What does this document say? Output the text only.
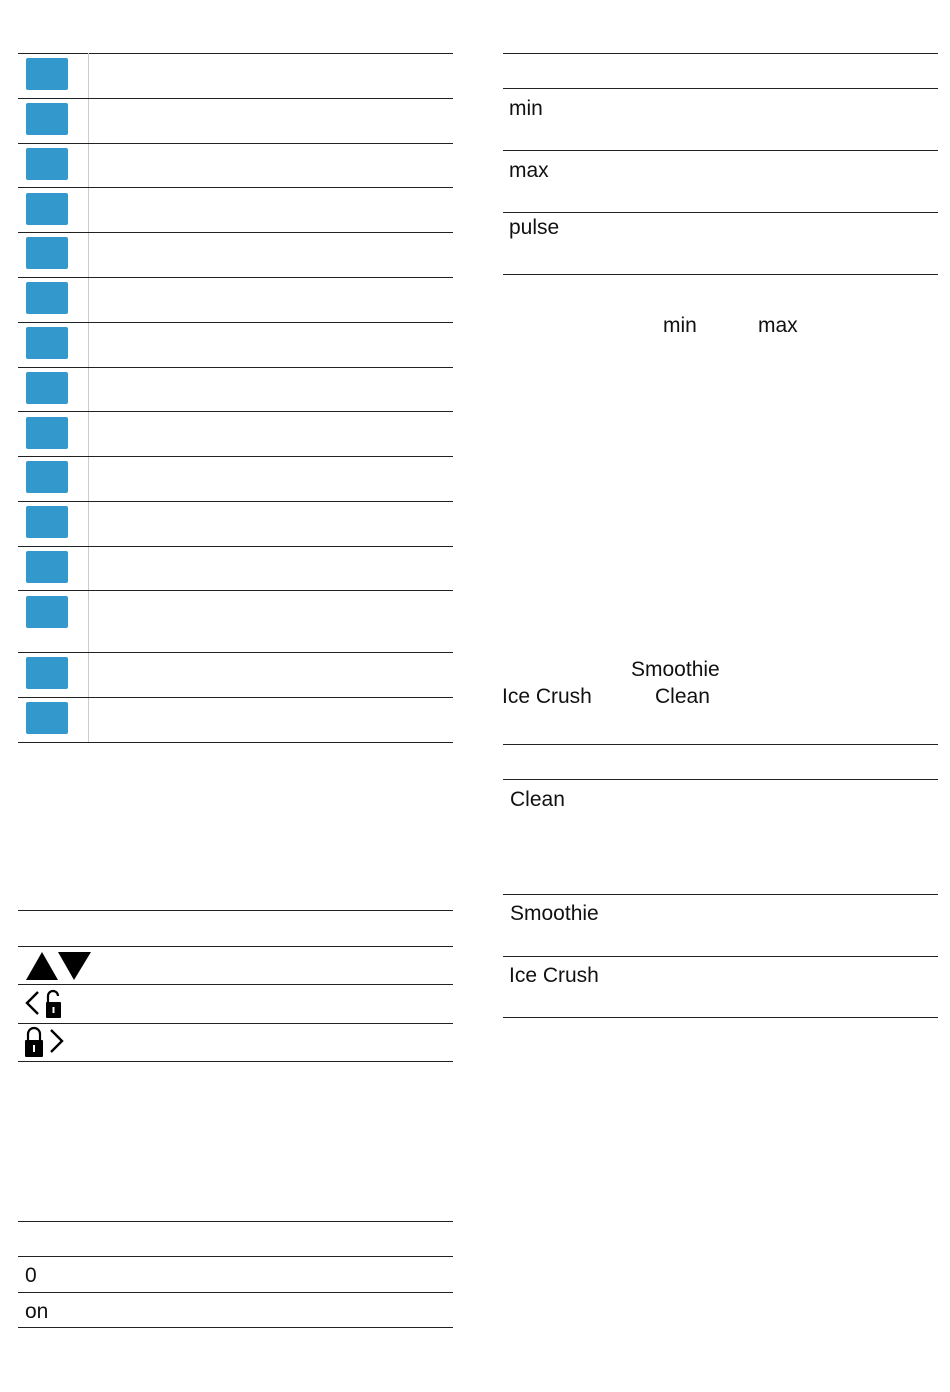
0
on
min
max
pulse
min	max
Smoothie
Ice Crush	Clean
Clean
Smoothie
Ice Crush
